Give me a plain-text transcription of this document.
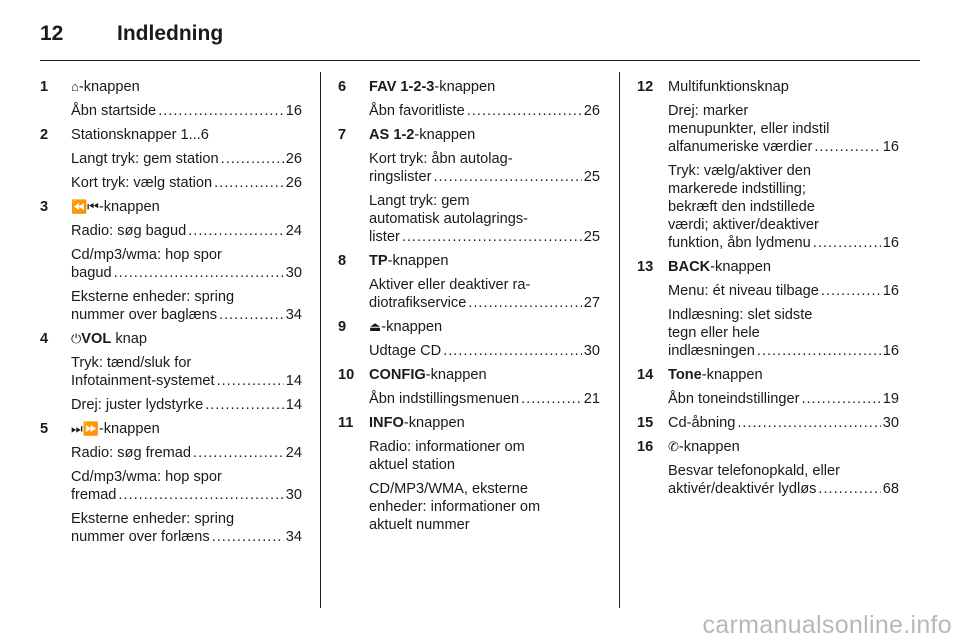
12	Indledning
1	⌂-knappen
Åbn startside .....	16
2	Stationsknapper 1...6
Langt tryk: gem station .....	26
Kort tryk: vælg station .....	26
3	⏪⏮-knappen
Radio: søg bagud .....	24
Cd/mp3/wma: hop spor
bagud .....	30
Eksterne enheder: spring
nummer over baglæns .....	34
4	⏻VOL knap
Tryk: tænd/sluk for
Infotainment-systemet .....	14
Drej: juster lydstyrke .....	14
5	⏭⏩-knappen
Radio: søg fremad .....	24
Cd/mp3/wma: hop spor
fremad .....	30
Eksterne enheder: spring
nummer over forlæns .....	34
6	FAV 1-2-3-knappen
Åbn favoritliste .....	26
7	AS 1-2-knappen
Kort tryk: åbn autolag-
ringslister .....	25
Langt tryk: gem
automatisk autolagrings-
lister .....	25
8	TP-knappen
Aktiver eller deaktiver ra-
diotrafikservice .....	27
9	⏏-knappen
Udtage CD .....	30
10	CONFIG-knappen
Åbn indstillingsmenuen .....	21
11	INFO-knappen
Radio: informationer om
aktuel station
CD/MP3/WMA, eksterne
enheder: informationer om
aktuelt nummer
12	Multifunktionsknap
Drej: marker
menupunkter, eller indstil
alfanumeriske værdier .....	16
Tryk: vælg/aktiver den
markerede indstilling;
bekræft den indstillede
værdi; aktiver/deaktiver
funktion, åbn lydmenu .....	16
13	BACK-knappen
Menu: ét niveau tilbage .....	16
Indlæsning: slet sidste
tegn eller hele
indlæsningen .....	16
14	Tone-knappen
Åbn toneindstillinger .....	19
15 Cd-åbning .....	30
16	✆-knappen
Besvar telefonopkald, eller
aktivér/deaktivér lydløs .....	68
carmanualsonline.info
